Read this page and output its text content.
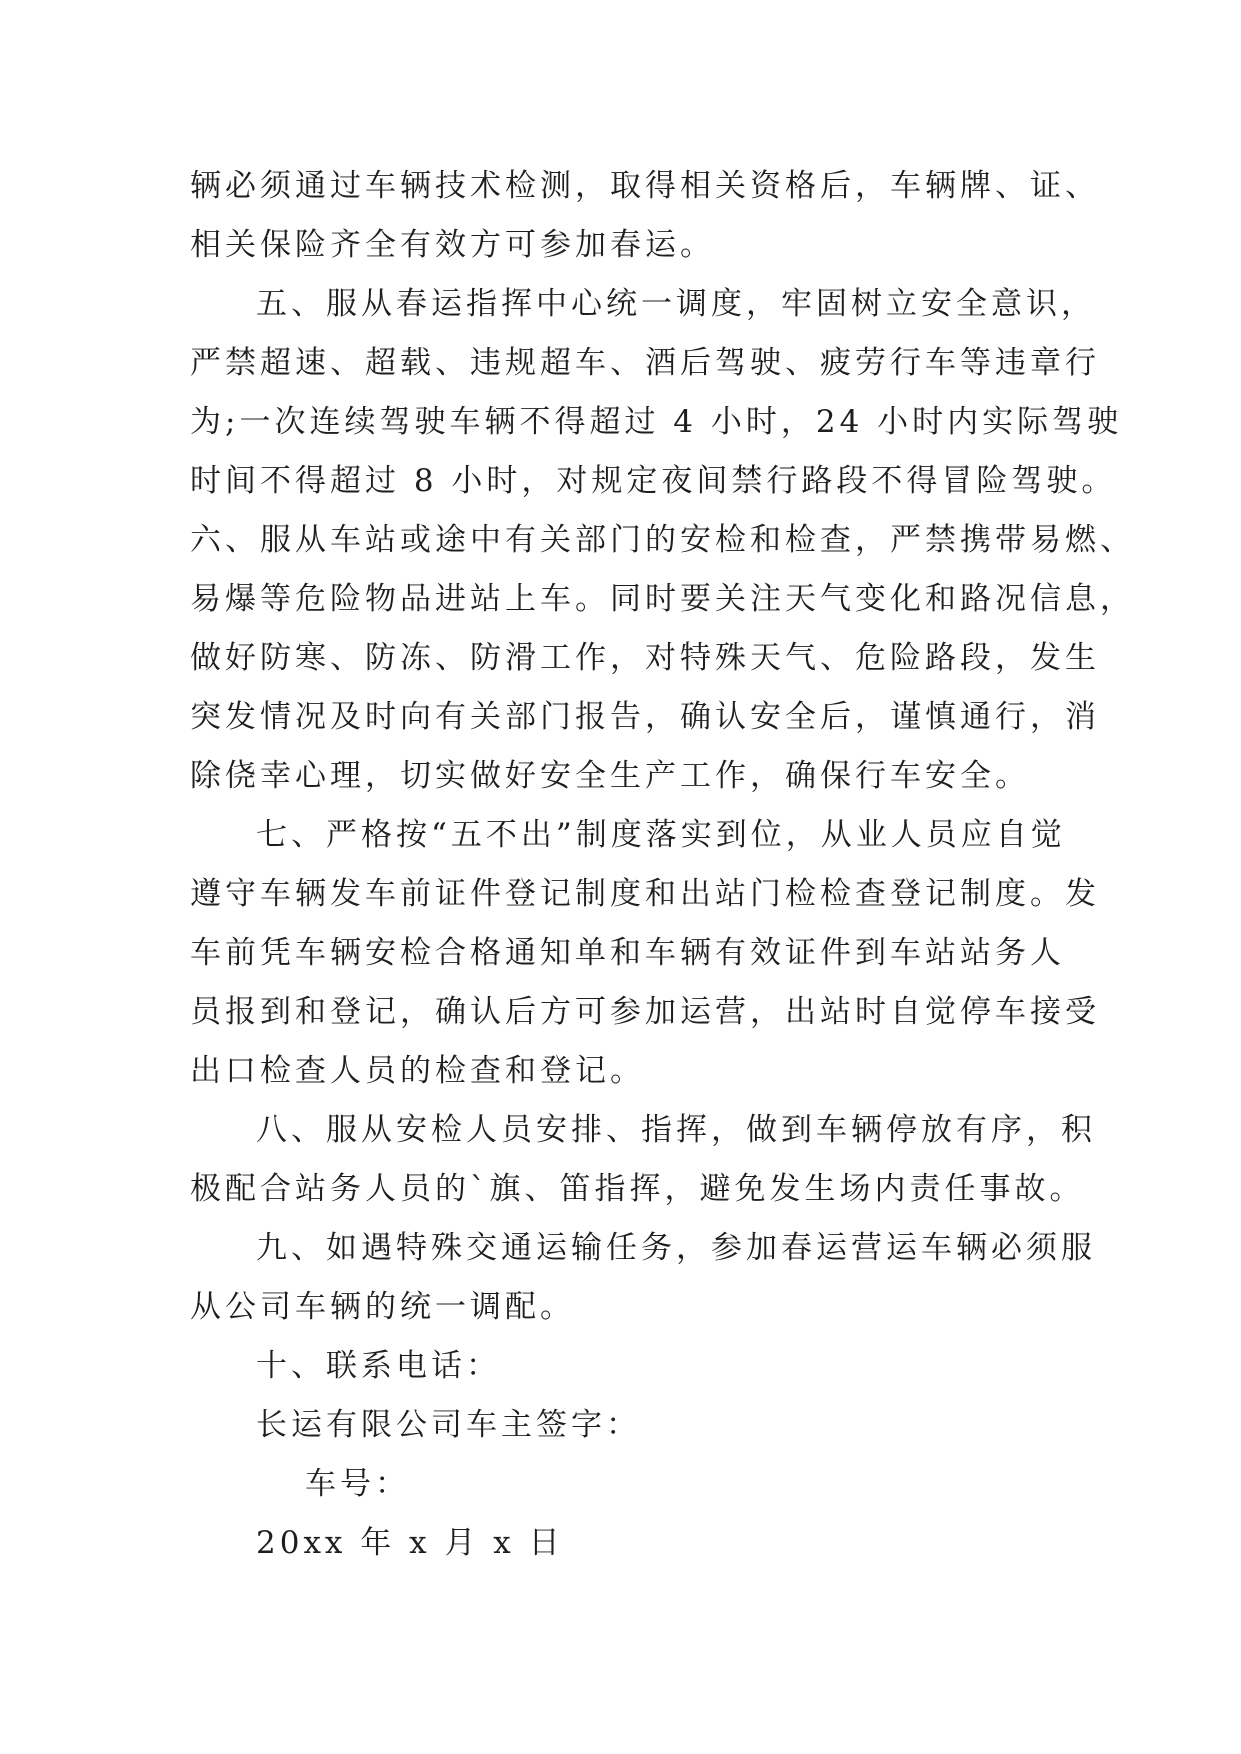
辆必须通过车辆技术检测，取得相关资格后，车辆牌、证、
相关保险齐全有效方可参加春运。
五、服从春运指挥中心统一调度，牢固树立安全意识，
严禁超速、超载、违规超车、酒后驾驶、疲劳行车等违章行
为;一次连续驾驶车辆不得超过 4 小时，24 小时内实际驾驶
时间不得超过 8 小时，对规定夜间禁行路段不得冒险驾驶。
六、服从车站或途中有关部门的安检和检查，严禁携带易燃、
易爆等危险物品进站上车。同时要关注天气变化和路况信息，
做好防寒、防冻、防滑工作，对特殊天气、危险路段，发生
突发情况及时向有关部门报告，确认安全后，谨慎通行，消
除侥幸心理，切实做好安全生产工作，确保行车安全。
七、严格按“五不出”制度落实到位，从业人员应自觉
遵守车辆发车前证件登记制度和出站门检检查登记制度。发
车前凭车辆安检合格通知单和车辆有效证件到车站站务人
员报到和登记，确认后方可参加运营，出站时自觉停车接受
出口检查人员的检查和登记。
八、服从安检人员安排、指挥，做到车辆停放有序，积
极配合站务人员的`旗、笛指挥，避免发生场内责任事故。
九、如遇特殊交通运输任务，参加春运营运车辆必须服
从公司车辆的统一调配。
十、联系电话：
长运有限公司车主签字：
车号：
20xx 年 x 月 x 日
